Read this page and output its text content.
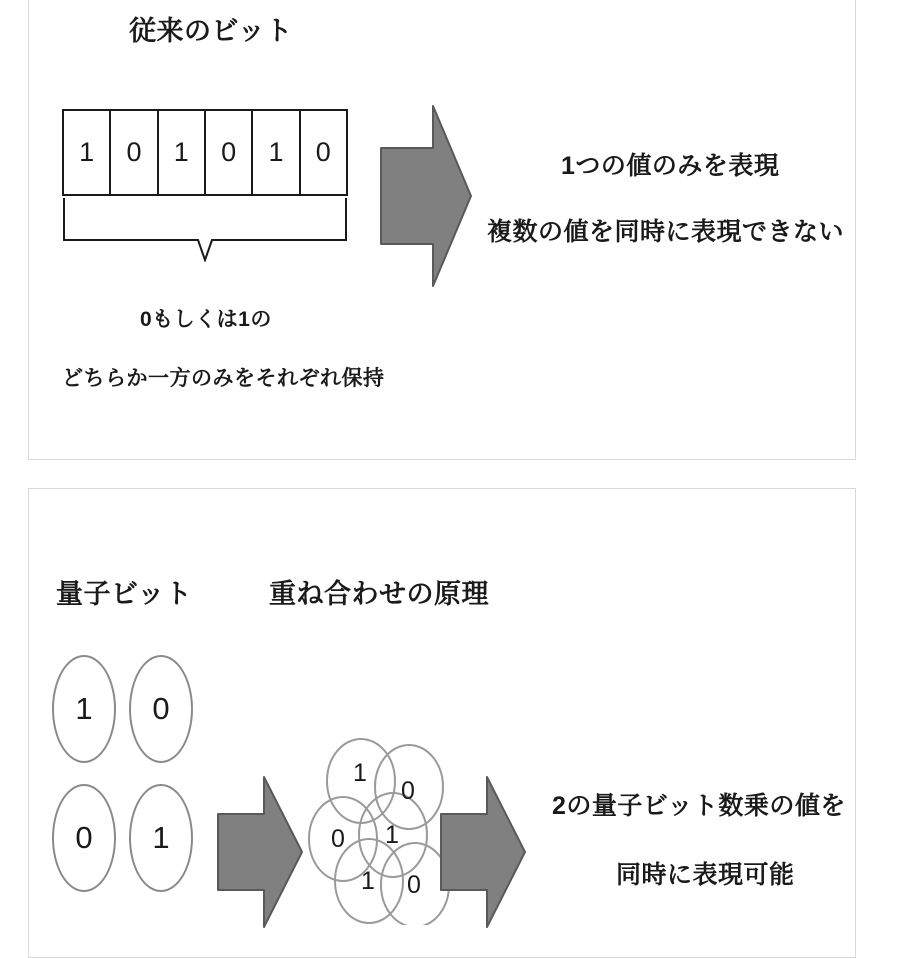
従来のビット
1	0	1	0	1	0
0もしくは1の
どちらか一方のみをそれぞれ保持
1つの値のみを表現
複数の値を同時に表現できない
量子ビット	重ね合わせの原理
1	0
0	1
1
0
0 1
1 0
2の量子ビット数乗の値を
同時に表現可能
